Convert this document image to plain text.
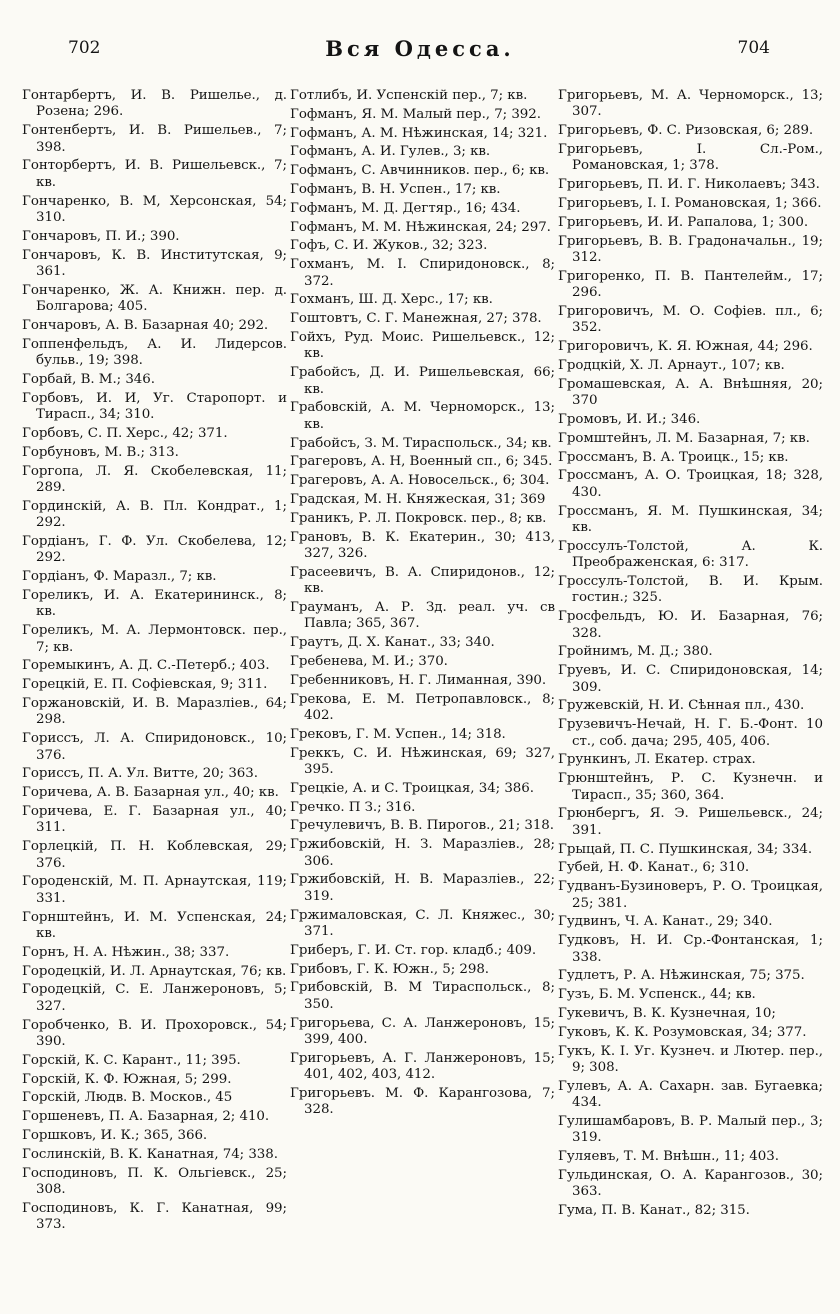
702	Вся Одесса.	704

Гонтарбертъ, И. В. Ришелье., д. Розена; 296.

Гонтенбертъ, И. В. Ришельев., 7; 398.

Гонторбертъ, И. В. Ришельевск., 7; кв.

Гончаренко, В. М, Херсонская, 54; 310.

Гончаровъ, П. И.; 390.

Гончаровъ, К. В. Институтская, 9; 361.

Гончаренко, Ж. А. Книжн. пер. д. Болгарова; 405.

Гончаровъ, А. В. Базарная 40; 292.

Гоппенфельдъ, А. И. Лидерсов. бульв., 19; 398.

Горбай, В. М.; 346.

Горбовъ, И. И, Уг. Старопорт. и Тирасп., 34; 310.

Горбовъ, С. П. Херс., 42; 371.

Горбуновъ, М. В.; 313.

Горгопа, Л. Я. Скобелевская, 11; 289.

Гординскій, А. В. Пл. Кондрат., 1; 292.

Гордіанъ, Г. Ф. Ул. Скобелева, 12; 292.

Гордіанъ, Ф. Маразл., 7; кв.

Гореликъ, И. А. Екатерининск., 8; кв.

Гореликъ, М. А. Лермонтовск. пер., 7; кв.

Горемыкинъ, А. Д. С.-Петерб.; 403.

Горецкій, Е. П. Софіевская, 9; 311.

Горжановскій, И. В. Маразліев., 64; 298.

Горисcъ, Л. А. Спиридоновск., 10; 376.

Горисcъ, П. А. Ул. Витте, 20; 363.

Горичева, А. В. Базарная ул., 40; кв.

Горичева, Е. Г. Базарная ул., 40; 311.

Горлецкій, П. Н. Коблевская, 29; 376.

Городенскій, М. П. Арнаутская, 119; 331.

Горнштейнъ, И. М. Успенская, 24; кв.

Горнъ, Н. А. Нѣжин., 38; 337.

Городецкій, И. Л. Арнаутская, 76; кв.

Городецкій, С. Е. Ланжероновъ, 5; 327.

Горобченко, В. И. Прохоровск., 54; 390.

Горскій, К. С. Карант., 11; 395.

Горскій, К. Ф. Южная, 5; 299.

Горскій, Людв. В. Москов., 45

Горшеневъ, П. А. Базарная, 2; 410.

Горшковъ, И. К.; 365, 366.

Гослинскій, В. К. Канатная, 74; 338.

Господиновъ, П. К. Ольгіевск., 25; 308.

Господиновъ, К. Г. Канатная, 99; 373.

Готлибъ, И. Успенскій пер., 7; кв.

Гофманъ, Я. М. Малый пер., 7; 392.

Гофманъ, А. М. Нѣжинская, 14; 321.

Гофманъ, А. И. Гулев., 3; кв.

Гофманъ, С. Авчинников. пер., 6; кв.

Гофманъ, В. Н. Успен., 17; кв.

Гофманъ, М. Д. Дегтяр., 16; 434.

Гофманъ, М. М. Нѣжинская, 24; 297.

Гофъ, С. И. Жуков., 32; 323.

Гохманъ, М. І. Спиридоновск., 8; 372.

Гохманъ, Ш. Д. Херс., 17; кв.

Гоштовтъ, С. Г. Манежная, 27; 378.

Гойхъ, Руд. Моис. Ришельевск., 12; кв.

Грабойсъ, Д. И. Ришельевская, 66; кв.

Грабовскій, А. М. Черноморск., 13; кв.

Грабойсъ, З. М. Тираспольск., 34; кв.

Грагеровъ, А. Н, Военный сп., 6; 345.

Грагеровъ, А. А. Новосельск., 6; 304.

Градская, М. Н. Княжеская, 31; 369

Граникъ, Р. Л. Покровск. пер., 8; кв.

Грановъ, В. К. Екатерин., 30; 413, 327, 326.

Грасеевичъ, В. А. Спиридонов., 12; кв.

Грауманъ, А. Р. Зд. реал. уч. св Павла; 365, 367.

Граутъ, Д. Х. Канат., 33; 340.

Гребенева, М. И.; 370.

Гребенниковъ, Н. Г. Лиманная, 390.

Грекова, Е. М. Петропавловск., 8; 402.

Грековъ, Г. М. Успен., 14; 318.

Греккъ, С. И. Нѣжинская, 69; 327, 395.

Грецкіе, А. и С. Троицкая, 34; 386.

Гречко. П З.; 316.

Гречулевичъ, В. В. Пирогов., 21; 318.

Гржибовскій, Н. З. Маразліев., 28; 306.

Гржибовскій, Н. В. Маразліев., 22; 319.

Гржималовская, С. Л. Княжес., 30; 371.

Гриберъ, Г. И. Ст. гор. кладб.; 409.

Грибовъ, Г. К. Южн., 5; 298.

Грибовскій, В. М Тираспольск., 8; 350.

Григорьева, С. А. Ланжероновъ, 15; 399, 400.

Григорьевъ, А. Г. Ланжероновъ, 15; 401, 402, 403, 412.

Григорьевъ. М. Ф. Карангозова, 7; 328.

Григорьевъ, М. А. Черноморск., 13; 307.

Григорьевъ, Ф. С. Ризовская, 6; 289.

Григорьевъ, І. Сл.-Ром., Романовская, 1; 378.

Григорьевъ, П. И. Г. Николаевъ; 343.

Григорьевъ, І. І. Романовская, 1; 366.

Григорьевъ, И. И. Рапалова, 1; 300.

Григорьевъ, В. В. Градоначальн., 19; 312.

Григоренко, П. В. Пантелейм., 17; 296.

Григоровичъ, М. О. Софіев. пл., 6; 352.

Григоровичъ, К. Я. Южная, 44; 296.

Гродцкій, Х. Л. Арнаут., 107; кв.

Громашевская, А. А. Внѣшняя, 20; 370

Громовъ, И. И.; 346.

Громштейнъ, Л. М. Базарная, 7; кв.

Гроссманъ, В. А. Троицк., 15; кв.

Гроссманъ, А. О. Троицкая, 18; 328, 430.

Гроссманъ, Я. М. Пушкинская, 34; кв.

Гроссулъ-Толстой, А. К. Преображенская, 6: 317.

Гроссулъ-Толстой, В. И. Крым. гостин.; 325.

Гросфельдъ, Ю. И. Базарная, 76; 328.

Гройнимъ, М. Д.; 380.

Груевъ, И. С. Спиридоновская, 14; 309.

Гружевскій, Н. И. Сѣнная пл., 430.

Грузевичъ-Нечай, Н. Г. Б.-Фонт. 10 ст., соб. дача; 295, 405, 406.

Грункинъ, Л. Екатер. страх.

Грюнштейнъ, Р. С. Кузнечн. и Тирасп., 35; 360, 364.

Грюнбергъ, Я. Э. Ришельевск., 24; 391.

Грыцай, П. С. Пушкинская, 34; 334.

Губей, Н. Ф. Канат., 6; 310.

Гудванъ-Бузиноверъ, Р. О. Троицкая, 25; 381.

Гудвинъ, Ч. А. Канат., 29; 340.

Гудковъ, Н. И. Ср.-Фонтанская, 1; 338.

Гудлетъ, Р. А. Нѣжинская, 75; 375.

Гузъ, Б. М. Успенск., 44; кв.

Гукевичъ, В. К. Кузнечная, 10;

Гуковъ, К. К. Розумовская, 34; 377.

Гукъ, К. І. Уг. Кузнеч. и Лютер. пер., 9; 308.

Гулевъ, А. А. Сахарн. зав. Бугаевка; 434.

Гулишамбаровъ, В. Р. Малый пер., 3; 319.

Гуляевъ, Т. М. Внѣшн., 11; 403.

Гульдинская, О. А. Карангозов., 30; 363.

Гума, П. В. Канат., 82; 315.
